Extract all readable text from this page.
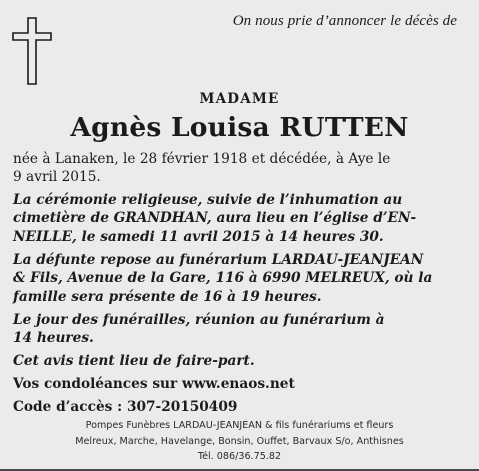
On nous prie d’annoncer le décès de
MADAME
Agnès Louisa RUTTEN
née à Lanaken, le 28 février 1918 et décédée, à Aye le
9 avril 2015.
La cérémonie religieuse, suivie de l’inhumation au
cimetière de GRANDHAN, aura lieu en l’église d’EN-
NEILLE, le samedi 11 avril 2015 à 14 heures 30.
La défunte repose au funérarium LARDAU-JEANJEAN
& Fils, Avenue de la Gare, 116 à 6990 MELREUX, où la
famille sera présente de 16 à 19 heures.
Le jour des funérailles, réunion au funérarium à
14 heures.
Cet avis tient lieu de faire-part.
Vos condoléances sur www.enaos.net
Code d’accès : 307-20150409
Pompes Funèbres LARDAU-JEANJEAN & fils funérariums et fleurs
Melreux, Marche, Havelange, Bonsin, Ouffet, Barvaux S/o, Anthisnes
Tél. 086/36.75.82
